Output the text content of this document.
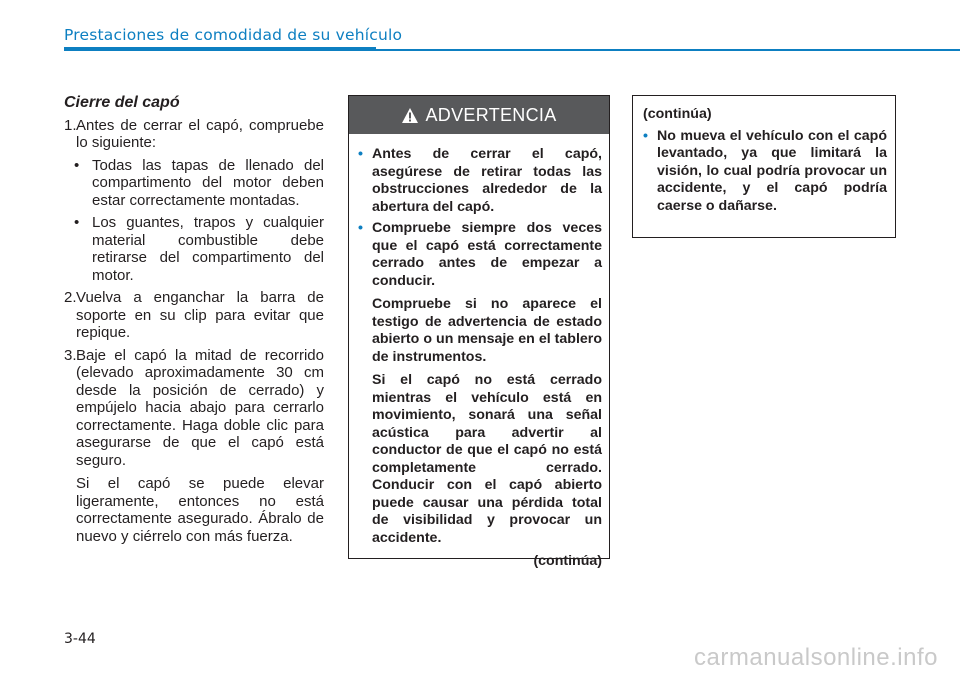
Prestaciones de comodidad de su vehículo
Cierre del capó
1. Antes de cerrar el capó, compruebe lo siguiente:
• Todas las tapas de llenado del compartimento del motor deben estar correctamente montadas.
• Los guantes, trapos y cualquier material combustible debe retirarse del compartimento del motor.
2. Vuelva a enganchar la barra de soporte en su clip para evitar que repique.
3. Baje el capó la mitad de recorrido (elevado aproximadamente 30 cm desde la posición de cerrado) y empújelo hacia abajo para cerrarlo correctamente. Haga doble clic para asegurarse de que el capó está seguro.
Si el capó se puede elevar ligeramente, entonces no está correctamente asegurado. Ábralo de nuevo y ciérrelo con más fuerza.
ADVERTENCIA
• Antes de cerrar el capó, asegúrese de retirar todas las obstrucciones alrededor de la abertura del capó.
• Compruebe siempre dos veces que el capó está correctamente cerrado antes de empezar a conducir.
Compruebe si no aparece el testigo de advertencia de estado abierto o un mensaje en el tablero de instrumentos.
Si el capó no está cerrado mientras el vehículo está en movimiento, sonará una señal acústica para advertir al conductor de que el capó no está completamente cerrado. Conducir con el capó abierto puede causar una pérdida total de visibilidad y provocar un accidente.
(continúa)
(continúa)
• No mueva el vehículo con el capó levantado, ya que limitará la visión, lo cual podría provocar un accidente, y el capó podría caerse o dañarse.
3-44
carmanualsonline.info
